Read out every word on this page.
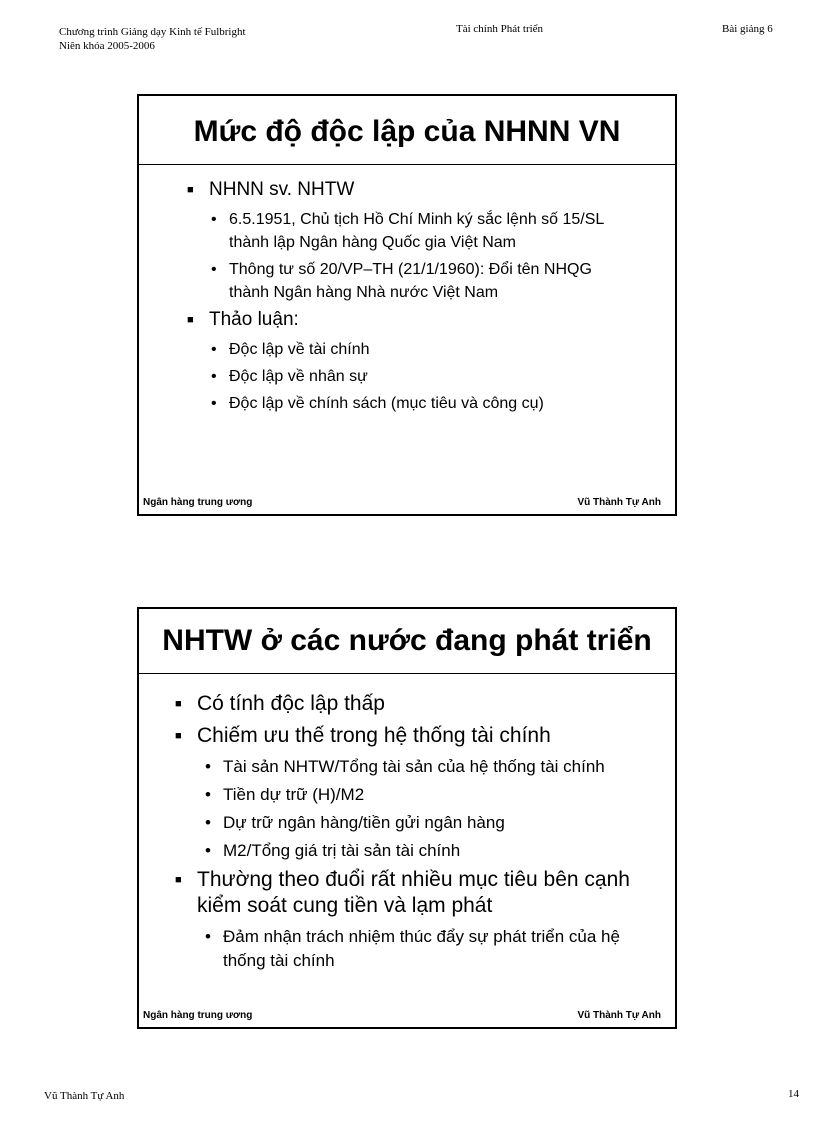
Chương trình Giảng dạy Kinh tế Fulbright
Niên khóa 2005-2006
Tài chính Phát triển	Bài giảng 6
Mức độ độc lập của NHNN VN
■ NHNN sv. NHTW
• 6.5.1951, Chủ tịch Hồ Chí Minh ký sắc lệnh số 15/SL thành lập Ngân hàng Quốc gia Việt Nam
• Thông tư số 20/VP–TH (21/1/1960): Đổi tên NHQG thành Ngân hàng Nhà nước Việt Nam
■ Thảo luận:
• Độc lập về tài chính
• Độc lập về nhân sự
• Độc lập về chính sách (mục tiêu và công cụ)
Ngân hàng trung ương	Vũ Thành Tự Anh
NHTW ở các nước đang phát triển
■ Có tính độc lập thấp
■ Chiếm ưu thế trong hệ thống tài chính
• Tài sản NHTW/Tổng tài sản của hệ thống tài chính
• Tiền dự trữ (H)/M2
• Dự trữ ngân hàng/tiền gửi ngân hàng
• M2/Tổng giá trị tài sản tài chính
■ Thường theo đuổi rất nhiều mục tiêu bên cạnh kiểm soát cung tiền và lạm phát
• Đảm nhận trách nhiệm thúc đẩy sự phát triển của hệ thống tài chính
Ngân hàng trung ương	Vũ Thành Tự Anh
Vũ Thành Tự Anh	14
